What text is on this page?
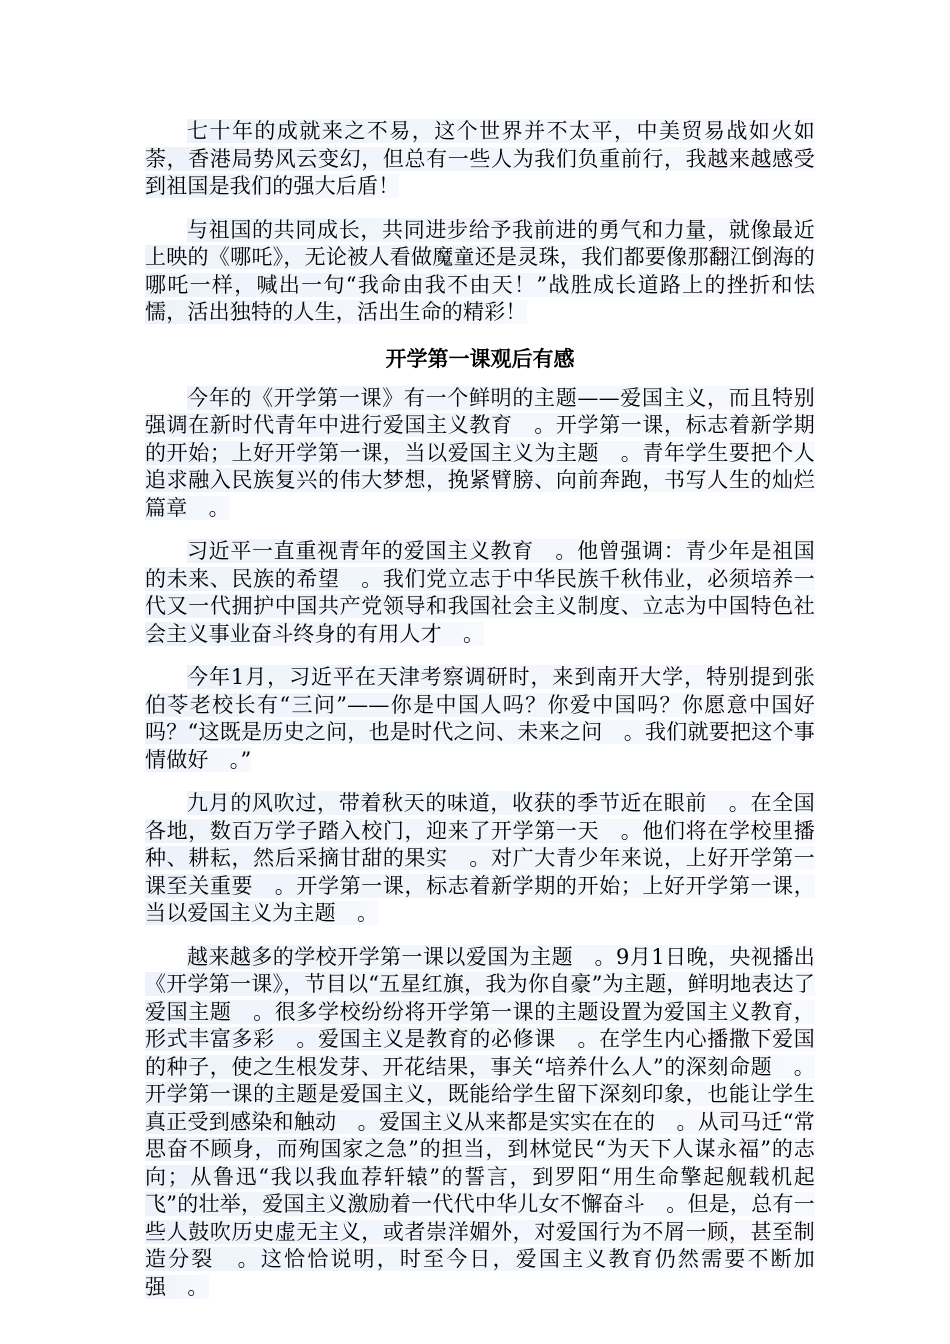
七十年的成就来之不易，这个世界并不太平，中美贸易战如火如荼，香港局势风云变幻，但总有一些人为我们负重前行，我越来越感受到祖国是我们的强大后盾！

与祖国的共同成长，共同进步给予我前进的勇气和力量，就像最近上映的《哪吒》，无论被人看做魔童还是灵珠，我们都要像那翻江倒海的哪吒一样，喊出一句“我命由我不由天！”战胜成长道路上的挫折和怯懦，活出独特的人生，活出生命的精彩！

开学第一课观后有感

今年的《开学第一课》有一个鲜明的主题——爱国主义，而且特别强调在新时代青年中进行爱国主义教育　。开学第一课，标志着新学期的开始；上好开学第一课，当以爱国主义为主题　。青年学生要把个人追求融入民族复兴的伟大梦想，挽紧臂膀、向前奔跑，书写人生的灿烂篇章　。

习近平一直重视青年的爱国主义教育　。他曾强调：青少年是祖国的未来、民族的希望　。我们党立志于中华民族千秋伟业，必须培养一代又一代拥护中国共产党领导和我国社会主义制度、立志为中国特色社会主义事业奋斗终身的有用人才　。

今年1月，习近平在天津考察调研时，来到南开大学，特别提到张伯苓老校长有“三问”——你是中国人吗？你爱中国吗？你愿意中国好吗？“这既是历史之问，也是时代之问、未来之问　。我们就要把这个事情做好　。”

九月的风吹过，带着秋天的味道，收获的季节近在眼前　。在全国各地，数百万学子踏入校门，迎来了开学第一天　。他们将在学校里播种、耕耘，然后采摘甘甜的果实　。对广大青少年来说，上好开学第一课至关重要　。开学第一课，标志着新学期的开始；上好开学第一课，当以爱国主义为主题　。

越来越多的学校开学第一课以爱国为主题　。9月1日晚，央视播出《开学第一课》，节目以“五星红旗，我为你自豪”为主题，鲜明地表达了爱国主题　。很多学校纷纷将开学第一课的主题设置为爱国主义教育，形式丰富多彩　。爱国主义是教育的必修课　。在学生内心播撒下爱国的种子，使之生根发芽、开花结果，事关“培养什么人”的深刻命题　。开学第一课的主题是爱国主义，既能给学生留下深刻印象，也能让学生真正受到感染和触动　。爱国主义从来都是实实在在的　。从司马迁“常思奋不顾身，而殉国家之急”的担当，到林觉民“为天下人谋永福”的志向；从鲁迅“我以我血荐轩辕”的誓言，到罗阳“用生命擎起舰载机起飞”的壮举，爱国主义激励着一代代中华儿女不懈奋斗　。但是，总有一些人鼓吹历史虚无主义，或者崇洋媚外，对爱国行为不屑一顾，甚至制造分裂　。这恰恰说明，时至今日，爱国主义教育仍然需要不断加强　。
